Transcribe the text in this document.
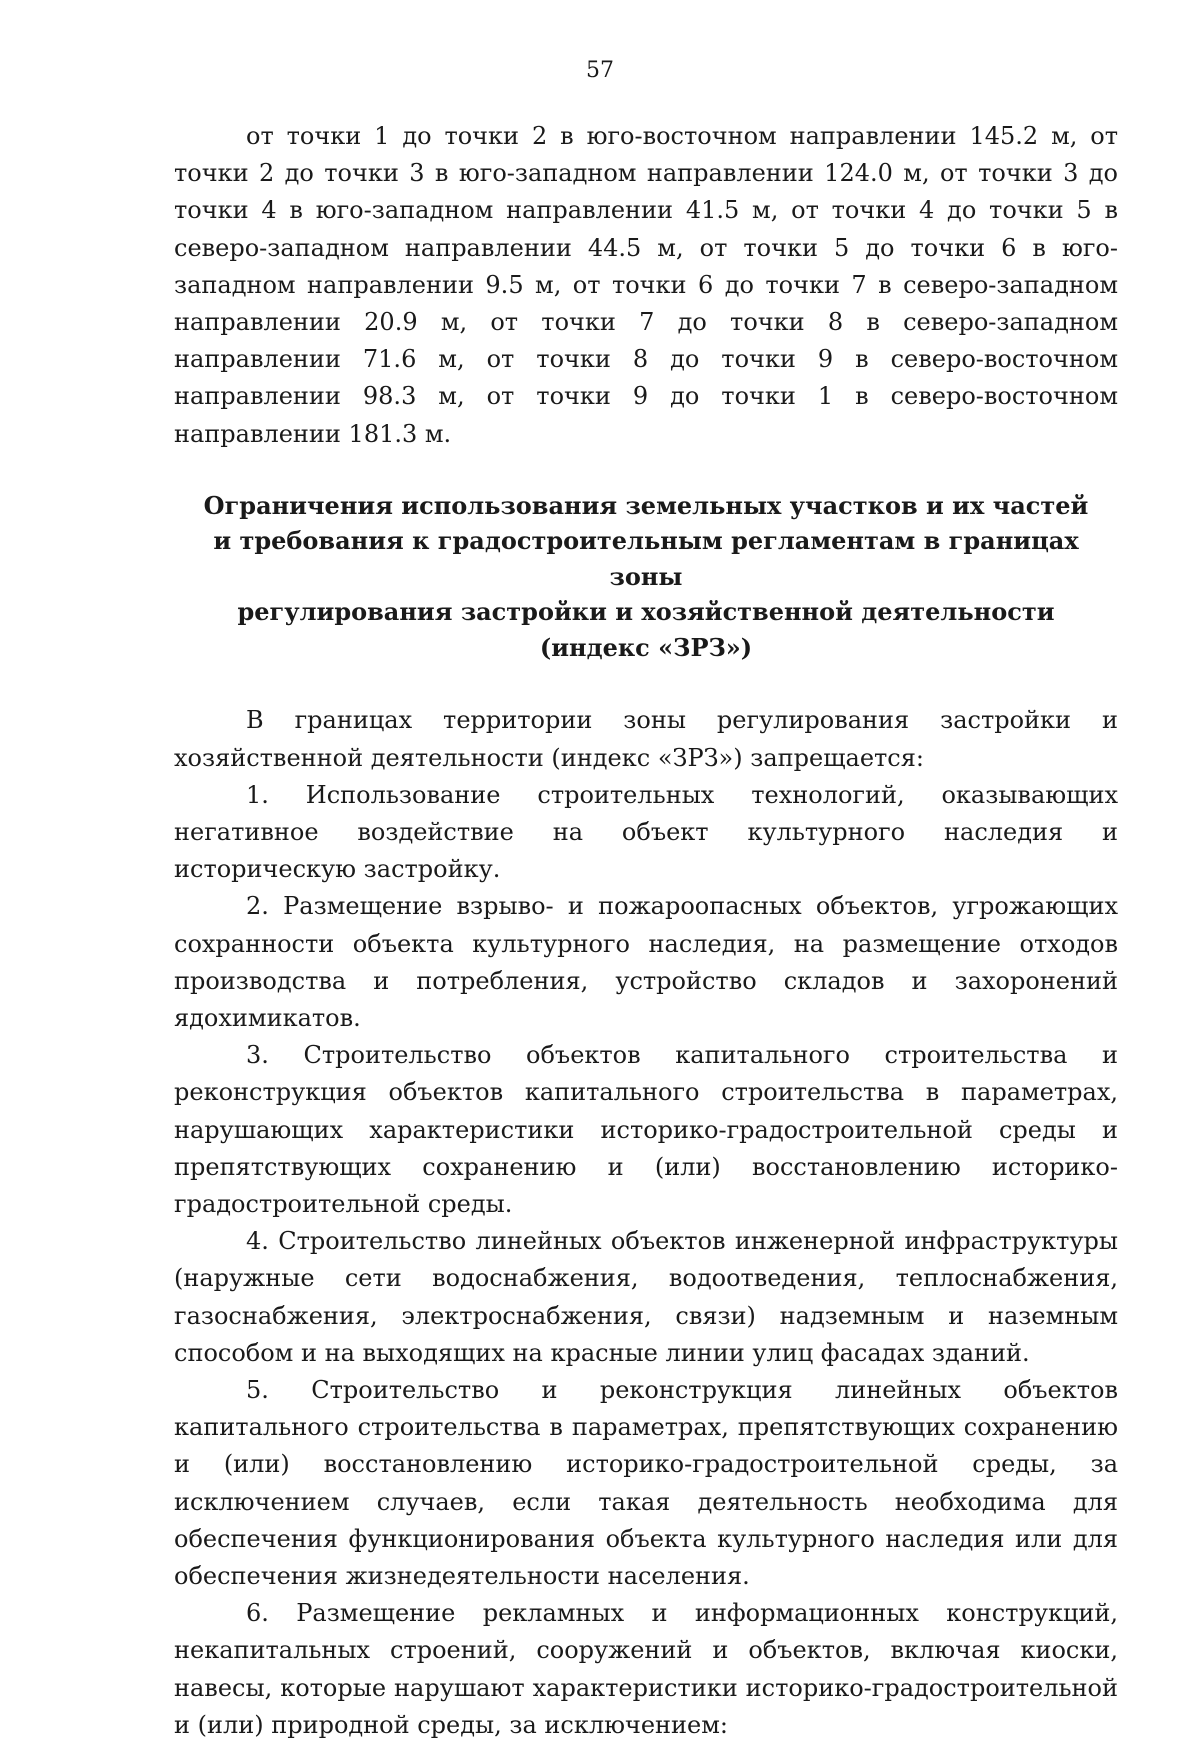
57

от точки 1 до точки 2 в юго-восточном направлении 145.2 м, от точки 2 до точки 3 в юго-западном направлении 124.0 м, от точки 3 до точки 4 в юго-западном направлении 41.5 м, от точки 4 до точки 5 в северо-западном направлении 44.5 м, от точки 5 до точки 6 в юго-западном направлении 9.5 м, от точки 6 до точки 7 в северо-западном направлении 20.9 м, от точки 7 до точки 8 в северо-западном направлении 71.6 м, от точки 8 до точки 9 в северо-восточном направлении 98.3 м, от точки 9 до точки 1 в северо-восточном направлении 181.3 м.

Ограничения использования земельных участков и их частей
и требования к градостроительным регламентам в границах зоны
регулирования застройки и хозяйственной деятельности
(индекс «ЗРЗ»)

В границах территории зоны регулирования застройки и хозяйственной деятельности (индекс «ЗРЗ») запрещается:

1. Использование строительных технологий, оказывающих негативное воздействие на объект культурного наследия и историческую застройку.

2. Размещение взрыво- и пожароопасных объектов, угрожающих сохранности объекта культурного наследия, на размещение отходов производства и потребления, устройство складов и захоронений ядохимикатов.

3. Строительство объектов капитального строительства и реконструкция объектов капитального строительства в параметрах, нарушающих характеристики историко-градостроительной среды и препятствующих сохранению и (или) восстановлению историко-градостроительной среды.

4. Строительство линейных объектов инженерной инфраструктуры (наружные сети водоснабжения, водоотведения, теплоснабжения, газоснабжения, электроснабжения, связи) надземным и наземным способом и на выходящих на красные линии улиц фасадах зданий.

5. Строительство и реконструкция линейных объектов капитального строительства в параметрах, препятствующих сохранению и (или) восстановлению историко-градостроительной среды, за исключением случаев, если такая деятельность необходима для обеспечения функционирования объекта культурного наследия или для обеспечения жизнедеятельности населения.

6. Размещение рекламных и информационных конструкций, некапитальных строений, сооружений и объектов, включая киоски, навесы, которые нарушают характеристики историко-градостроительной и (или) природной среды, за исключением:
